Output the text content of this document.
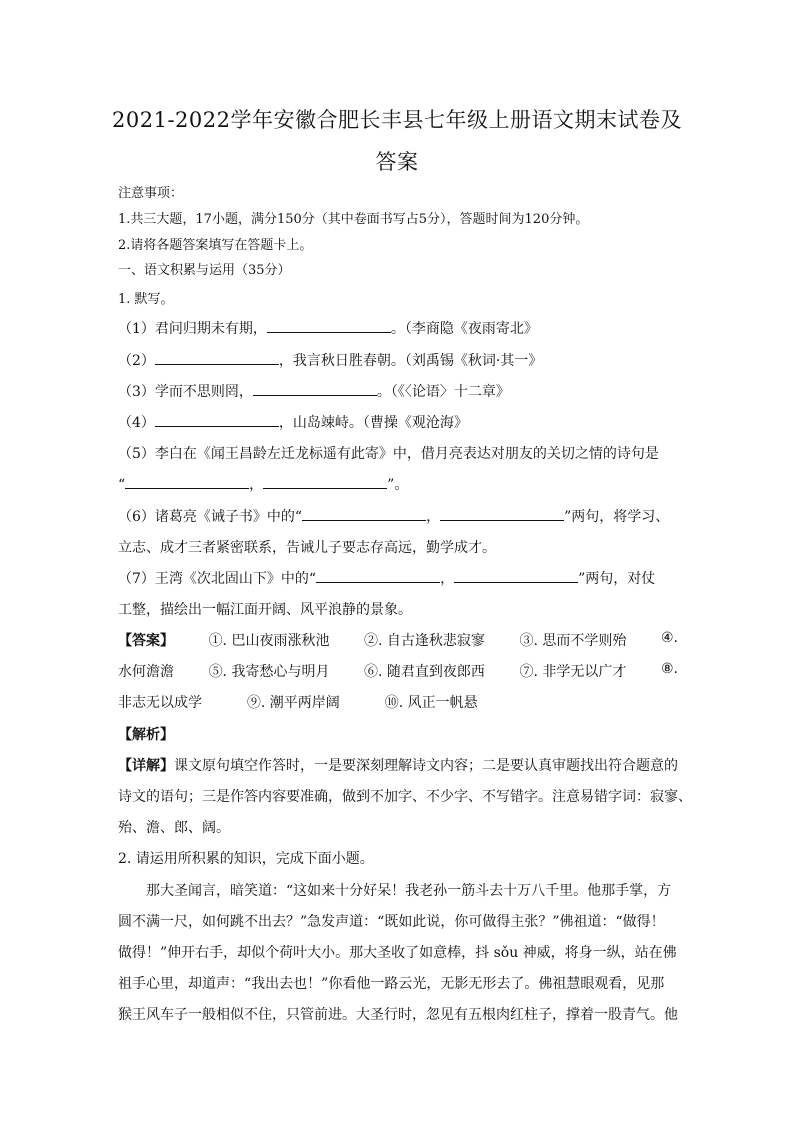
2021-2022学年安徽合肥长丰县七年级上册语文期末试卷及
答案
注意事项：
1.共三大题，17小题，满分150分（其中卷面书写占5分），答题时间为120分钟。
2.请将各题答案填写在答题卡上。
一、语文积累与运用（35分）
1. 默写。
（1）君问归期未有期，	。（李商隐《夜雨寄北》
（2）	，我言秋日胜春朝。（刘禹锡《秋词·其一》
（3）学而不思则罔，	。（《〈论语〉十二章》
（4）	，山岛竦峙。（曹操《观沧海》
（5）李白在《闻王昌龄左迁龙标遥有此寄》中，借月亮表达对朋友的关切之情的诗句是
“	，	”。
（6）诸葛亮《诫子书》中的“	，	”两句，将学习、
立志、成才三者紧密联系，告诫儿子要志存高远，勤学成才。
（7）王湾《次北固山下》中的“	，	”两句，对仗
工整，描绘出一幅江面开阔、风平浪静的景象。
【答案】 ①. 巴山夜雨涨秋池 ②. 自古逢秋悲寂寥 ③. 思而不学则殆 ④.
水何澹澹 ⑤. 我寄愁心与明月 ⑥. 随君直到夜郎西 ⑦. 非学无以广才 ⑧.
非志无以成学	⑨. 潮平两岸阔	⑩. 风正一帆悬
【解析】
【详解】课文原句填空作答时，一是要深刻理解诗文内容；二是要认真审题找出符合题意的
诗文的语句；三是作答内容要准确，做到不加字、不少字、不写错字。注意易错字词：寂寥、
殆、澹、郎、阔。
2. 请运用所积累的知识，完成下面小题。
那大圣闻言，暗笑道：“这如来十分好呆！我老孙一筋斗去十万八千里。他那手掌，方
圆不满一尺，如何跳不出去？”急发声道：“既如此说，你可做得主张？”佛祖道：“做得！
做得！”伸开右手，却似个荷叶大小。那大圣收了如意棒，抖 sǒu 神威，将身一纵，站在佛
祖手心里，却道声：“我出去也！”你看他一路云光，无影无形去了。佛祖慧眼观看，见那
猴王风车子一般相似不住，只管前进。大圣行时，忽见有五根肉红柱子，撑着一股青气。他
